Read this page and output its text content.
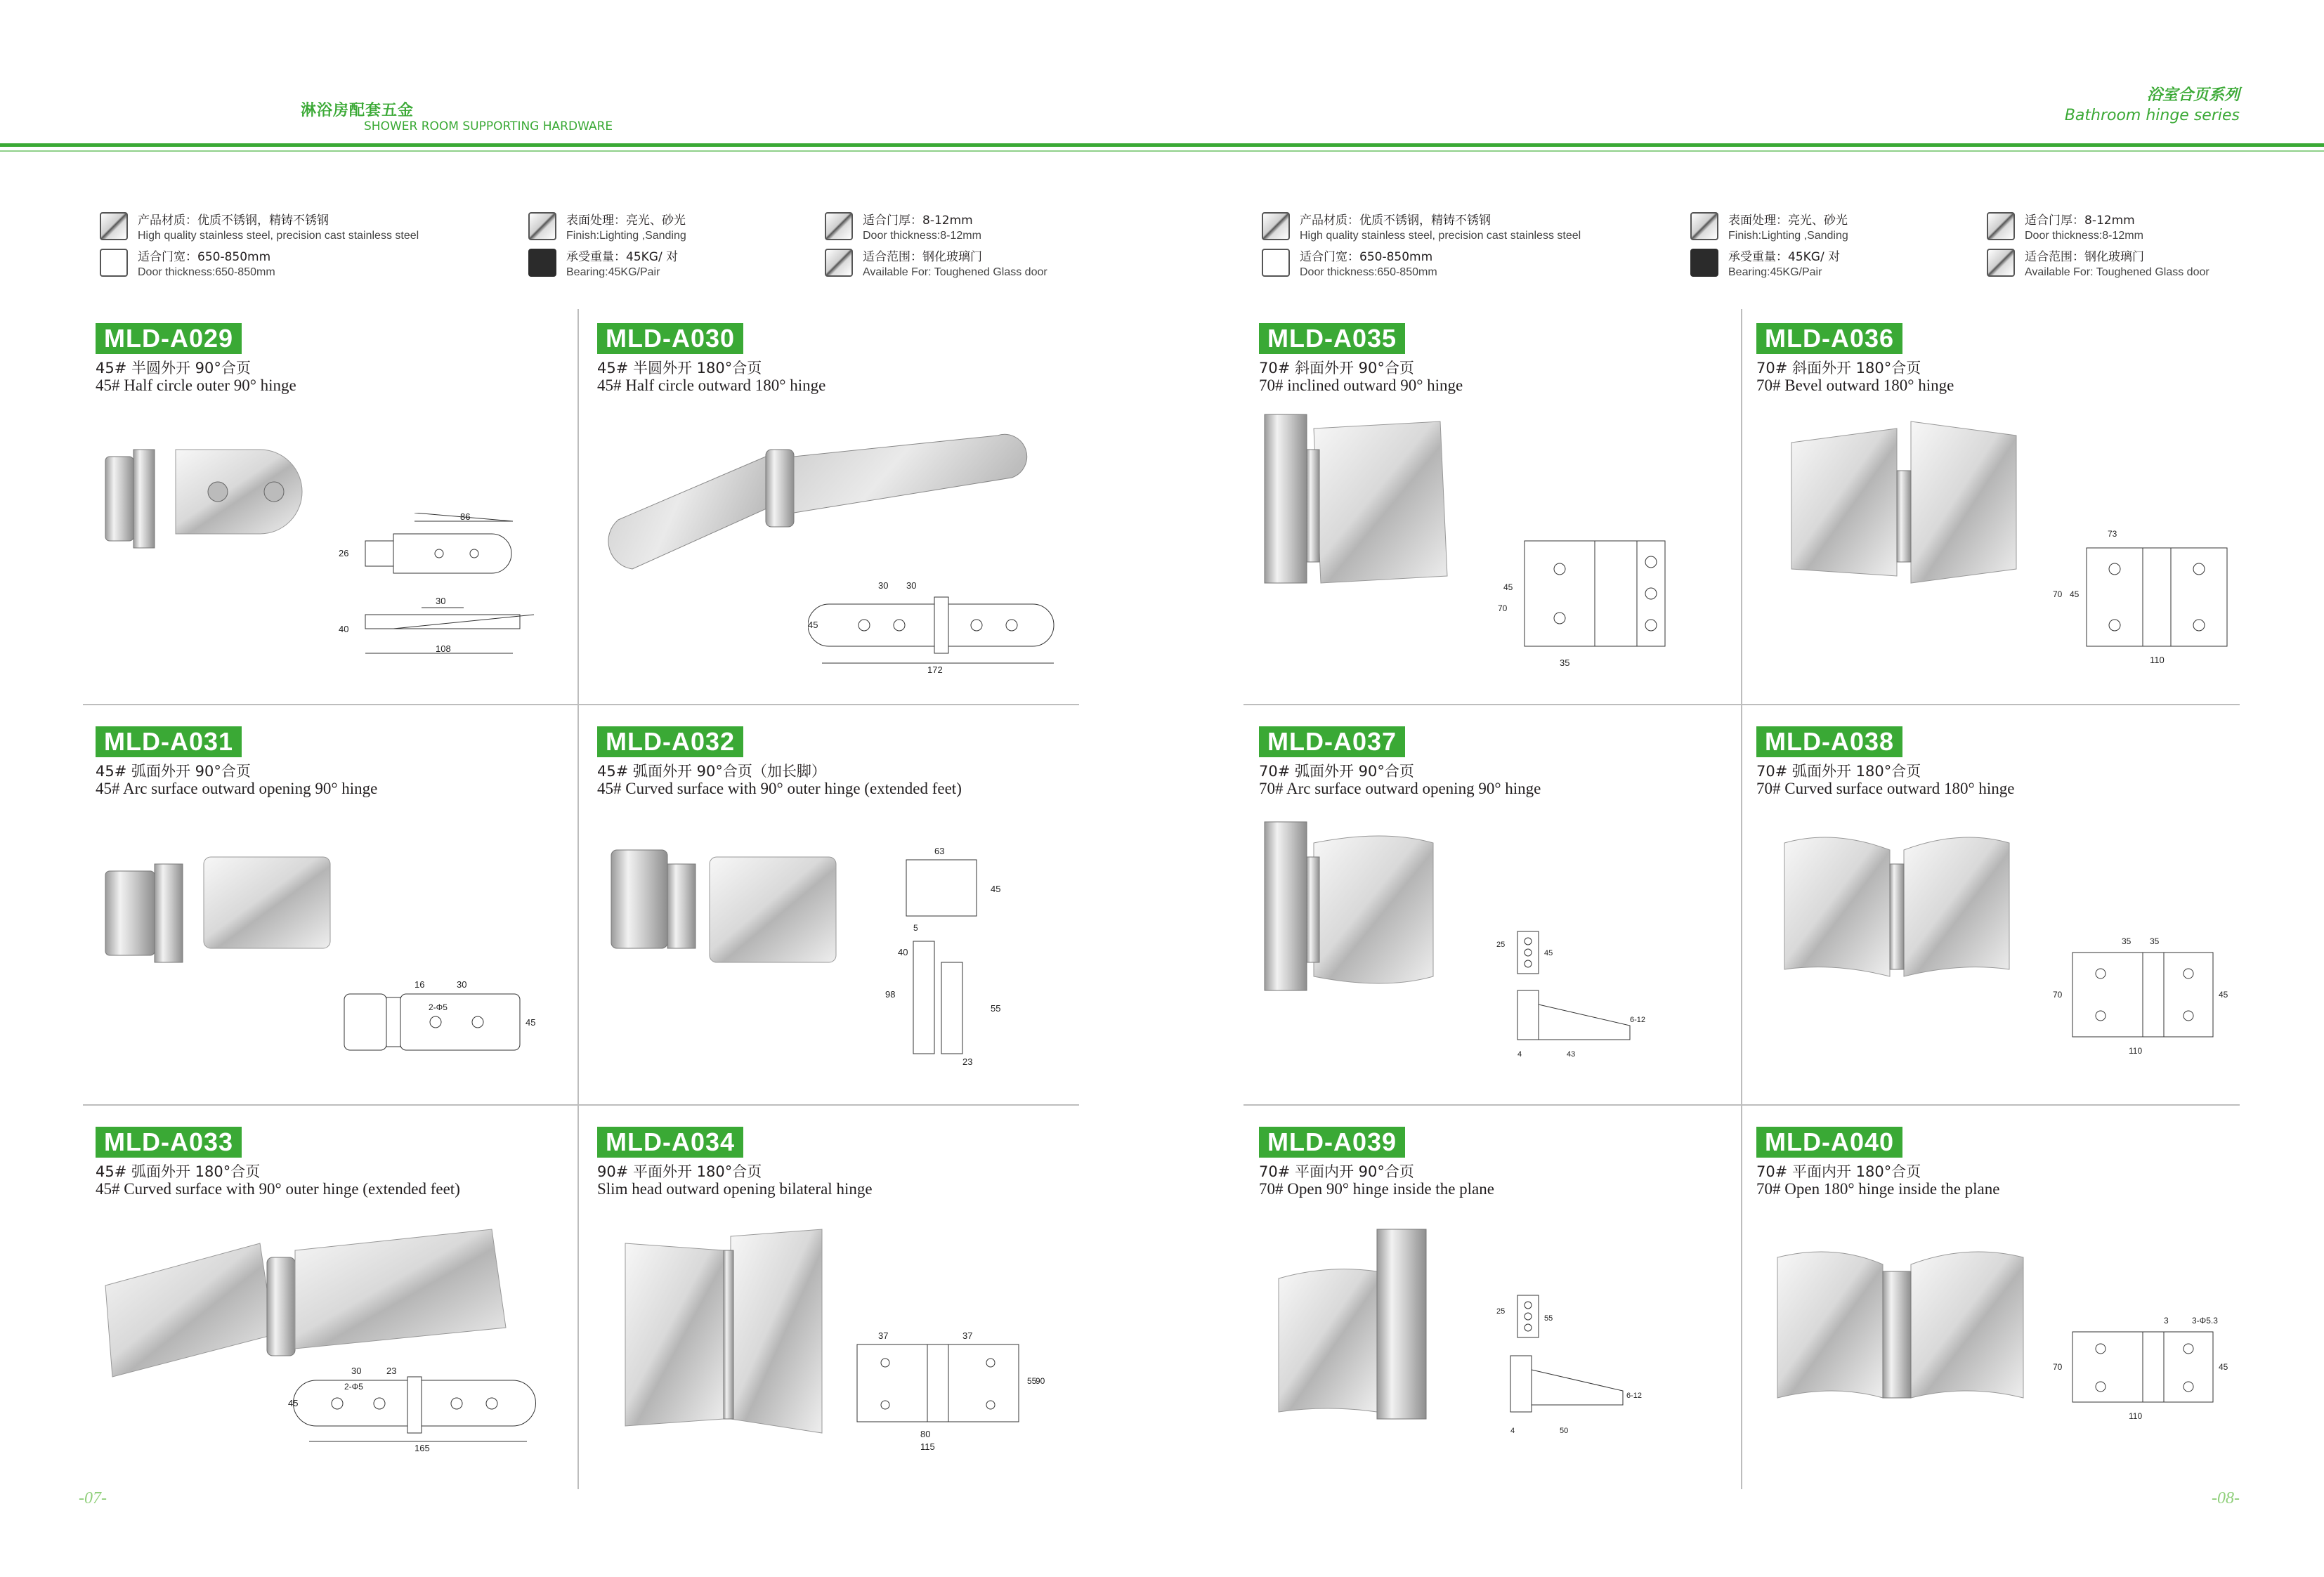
淋浴房配套五金
SHOWER ROOM SUPPORTING HARDWARE
浴室合页系列
Bathroom hinge series
产品材质：优质不锈钢，精铸不锈钢
High quality stainless steel, precision cast stainless steel
适合门宽：650-850mm
Door thickness:650-850mm
表面处理：亮光、砂光
Finish:Lighting ,Sanding
承受重量：45KG/ 对
Bearing:45KG/Pair
适合门厚：8-12mm
Door thickness:8-12mm
适合范围：钢化玻璃门
Available For: Toughened Glass door
产品材质：优质不锈钢，精铸不锈钢
High quality stainless steel, precision cast stainless steel
适合门宽：650-850mm
Door thickness:650-850mm
表面处理：亮光、砂光
Finish:Lighting ,Sanding
承受重量：45KG/ 对
Bearing:45KG/Pair
适合门厚：8-12mm
Door thickness:8-12mm
适合范围：钢化玻璃门
Available For: Toughened Glass door
MLD-A029
45# 半圆外开 90°合页
45# Half circle outer 90° hinge
86
26
30
40
108
MLD-A030
45# 半圆外开 180°合页
45# Half circle outward 180° hinge
30 30
45
172
MLD-A031
45# 弧面外开 90°合页
45# Arc surface outward opening 90° hinge
16	30
2-Φ5
45
MLD-A032
45# 弧面外开 90°合页（加长脚）
45# Curved surface with 90° outer hinge (extended feet)
63
45
5
40
98
55
23
MLD-A033
45# 弧面外开 180°合页
45# Curved surface with 90° outer hinge (extended feet)
30	23
2-Φ5
45
165
MLD-A034
90# 平面外开 180°合页
Slim head outward opening bilateral hinge
37	37
55
90
80
115
MLD-A035
70# 斜面外开 90°合页
70# inclined outward 90° hinge
45
70
35
MLD-A036
70# 斜面外开 180°合页
70# Bevel outward 180° hinge
73
45
70
110
MLD-A037
70# 弧面外开 90°合页
70# Arc surface outward opening 90° hinge
25
45
6-12
4	43
MLD-A038
70# 弧面外开 180°合页
70# Curved surface outward 180° hinge
35 35
70	45
110
MLD-A039
70# 平面内开 90°合页
70# Open 90° hinge inside the plane
25
55
6-12
4	50
MLD-A040
70# 平面内开 180°合页
70# Open 180° hinge inside the plane
3	3-Φ5.3
70	45
110
-07-	-08-
